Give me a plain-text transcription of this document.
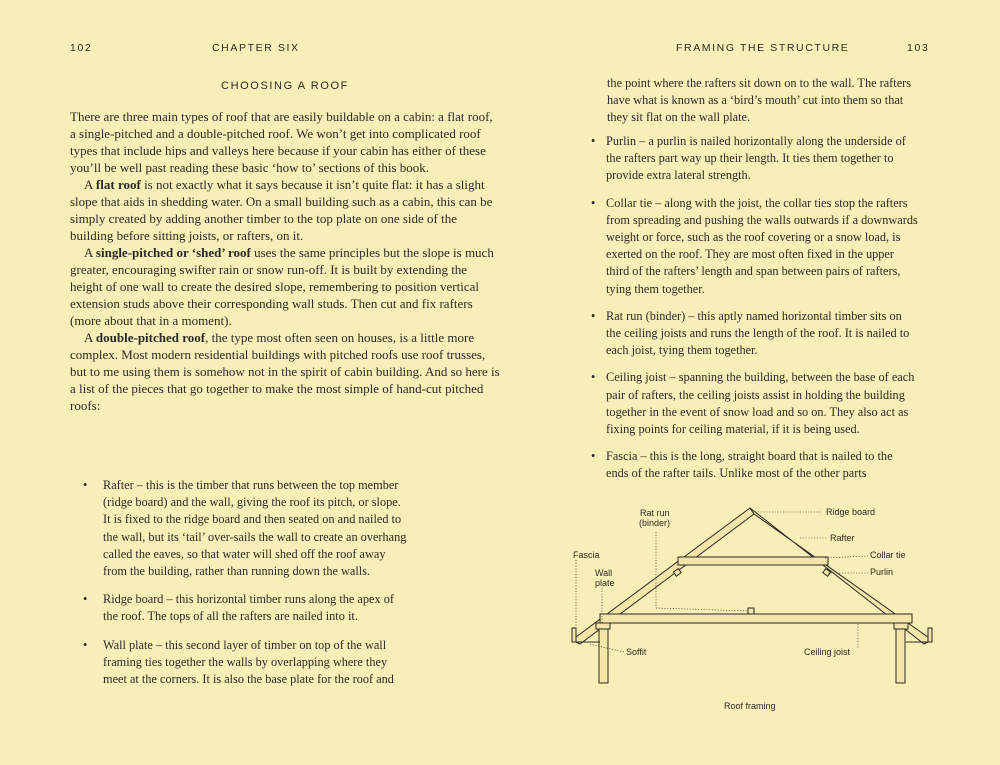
102	CHAPTER SIX	FRAMING THE STRUCTURE	103
CHOOSING A ROOF

There are three main types of roof that are easily buildable on a cabin: a flat roof, a single-pitched and a double-pitched roof. We won’t get into complicated roof types that include hips and valleys here because if your cabin has either of these you’ll be well past reading these basic ‘how to’ sections of this book.

A flat roof is not exactly what it says because it isn’t quite flat: it has a slight slope that aids in shedding water. On a small building such as a cabin, this can be simply created by adding another timber to the top plate on one side of the building before sitting joists, or rafters, on it.

A single-pitched or ‘shed’ roof uses the same principles but the slope is much greater, encouraging swifter rain or snow run-off. It is built by extending the height of one wall to create the desired slope, remembering to position vertical extension studs above their corresponding wall studs. Then cut and fix rafters (more about that in a moment).

A double-pitched roof, the type most often seen on houses, is a little more complex. Most modern residential buildings with pitched roofs use roof trusses, but to me using them is somehow not in the spirit of cabin building. And so here is a list of the pieces that go together to make the most simple of hand-cut pitched roofs:

• Rafter – this is the timber that runs between the top member (ridge board) and the wall, giving the roof its pitch, or slope. It is fixed to the ridge board and then seated on and nailed to the wall, but its ‘tail’ over-sails the wall to create an overhang called the eaves, so that water will shed off the roof away from the building, rather than running down the walls.
• Ridge board – this horizontal timber runs along the apex of the roof. The tops of all the rafters are nailed into it.
• Wall plate – this second layer of timber on top of the wall framing ties together the walls by overlapping where they meet at the corners. It is also the base plate for the roof and
the point where the rafters sit down on to the wall. The rafters have what is known as a ‘bird’s mouth’ cut into them so that they sit flat on the wall plate.
• Purlin – a purlin is nailed horizontally along the underside of the rafters part way up their length. It ties them together to provide extra lateral strength.
• Collar tie – along with the joist, the collar ties stop the rafters from spreading and pushing the walls outwards if a downwards weight or force, such as the roof covering or a snow load, is exerted on the roof. They are most often fixed in the upper third of the rafters’ length and span between pairs of rafters, tying them together.
• Rat run (binder) – this aptly named horizontal timber sits on the ceiling joists and runs the length of the roof. It is nailed to each joist, tying them together.
• Ceiling joist – spanning the building, between the base of each pair of rafters, the ceiling joists assist in holding the building together in the event of snow load and so on. They also act as fixing points for ceiling material, if it is being used.
• Fascia – this is the long, straight board that is nailed to the ends of the rafter tails. Unlike most of the other parts
Rat run
(binder)
Ridge board
Rafter
Collar tie
Purlin
Fascia
Wall
plate
Soffit	Ceiling joist
Roof framing
